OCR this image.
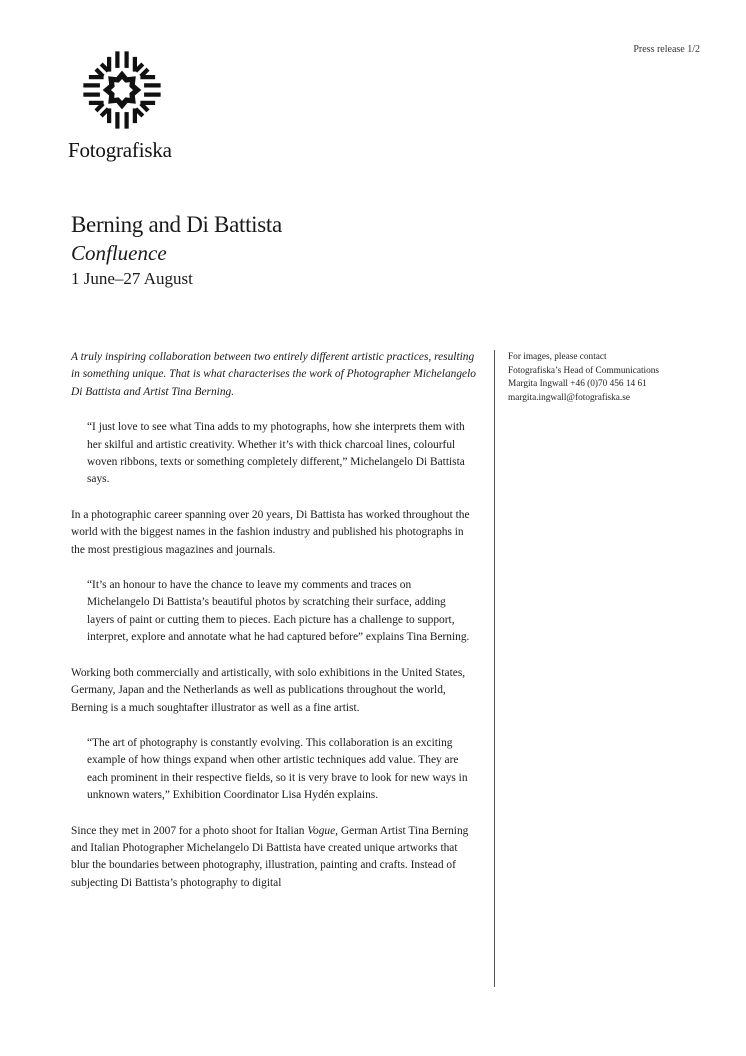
Press release 1/2
Fotografiska
Berning and Di Battista
Confluence
1 June–27 August

A truly inspiring collaboration between two entirely different artistic practices, resulting in something unique. That is what characterises the work of Photographer Michelangelo Di Battista and Artist Tina Berning.

“I just love to see what Tina adds to my photographs, how she interprets them with her skilful and artistic creativity. Whether it’s with thick charcoal lines, colourful woven ribbons, texts or something completely different,” Michelangelo Di Battista says.

In a photographic career spanning over 20 years, Di Battista has worked throughout the world with the biggest names in the fashion industry and published his photographs in the most prestigious magazines and journals.

“It’s an honour to have the chance to leave my comments and traces on Michelangelo Di Battista’s beautiful photos by scratching their surface, adding layers of paint or cutting them to pieces. Each picture has a challenge to support, interpret, explore and annotate what he had captured before” explains Tina Berning.

Working both commercially and artistically, with solo exhibitions in the United States, Germany, Japan and the Netherlands as well as publications throughout the world, Berning is a much soughtafter illustrator as well as a fine artist.

“The art of photography is constantly evolving. This collaboration is an exciting example of how things expand when other artistic techniques add value. They are each prominent in their respective fields, so it is very brave to look for new ways in unknown waters,” Exhibition Coordinator Lisa Hydén explains.

Since they met in 2007 for a photo shoot for Italian Vogue, German Artist Tina Berning and Italian Photographer Michelangelo Di Battista have created unique artworks that blur the boundaries between photography, illustration, painting and crafts. Instead of subjecting Di Battista’s photography to digital

For images, please contact
Fotografiska’s Head of Communications
Margita Ingwall +46 (0)70 456 14 61
margita.ingwall@fotografiska.se
